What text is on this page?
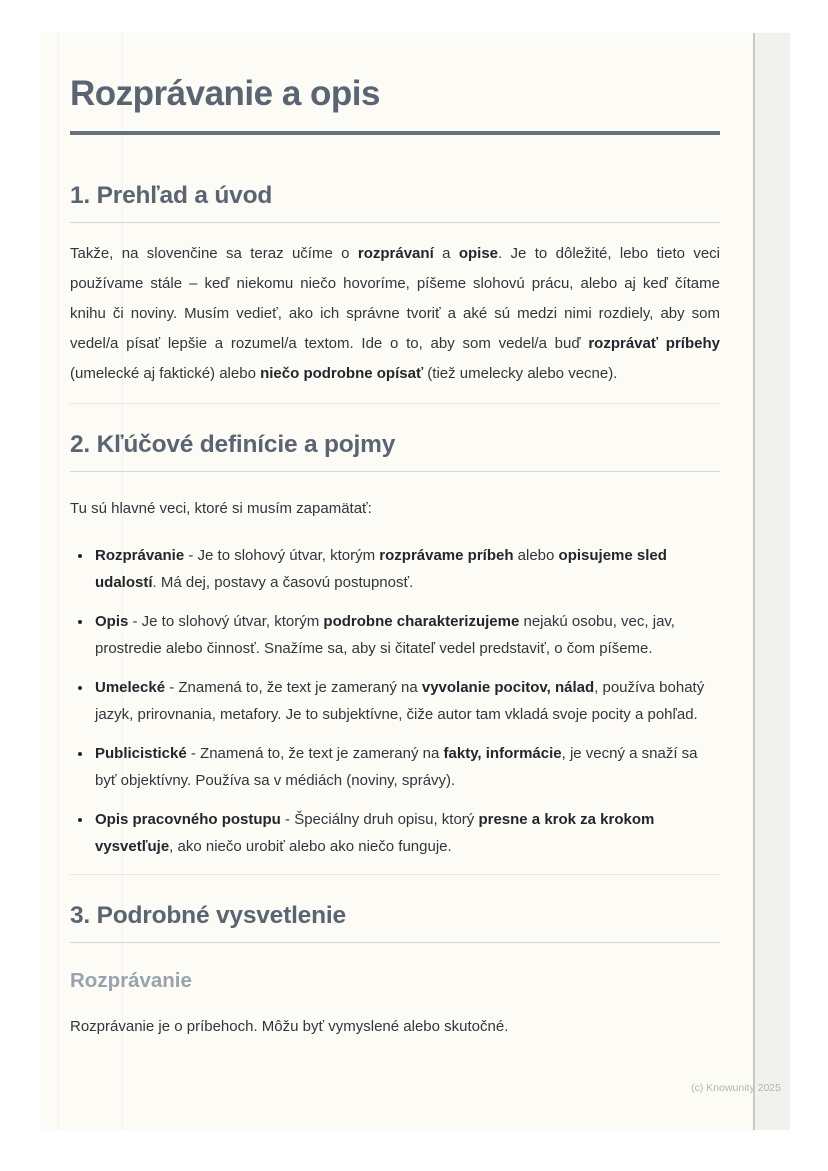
(c) Knowunity 2025
Rozprávanie a opis
1. Prehľad a úvod

Takže, na slovenčine sa teraz učíme o rozprávaní a opise. Je to dôležité, lebo tieto veci používame stále – keď niekomu niečo hovoríme, píšeme slohovú prácu, alebo aj keď čítame knihu či noviny. Musím vedieť, ako ich správne tvoriť a aké sú medzi nimi rozdiely, aby som vedel/a písať lepšie a rozumel/a textom. Ide o to, aby som vedel/a buď rozprávať príbehy (umelecké aj faktické) alebo niečo podrobne opísať (tiež umelecky alebo vecne).

2. Kľúčové definície a pojmy

Tu sú hlavné veci, ktoré si musím zapamätať:

• Rozprávanie - Je to slohový útvar, ktorým rozprávame príbeh alebo opisujeme sled udalostí. Má dej, postavy a časovú postupnosť.
• Opis - Je to slohový útvar, ktorým podrobne charakterizujeme nejakú osobu, vec, jav, prostredie alebo činnosť. Snažíme sa, aby si čitateľ vedel predstaviť, o čom píšeme.
• Umelecké - Znamená to, že text je zameraný na vyvolanie pocitov, nálad, používa bohatý jazyk, prirovnania, metafory. Je to subjektívne, čiže autor tam vkladá svoje pocity a pohľad.
• Publicistické - Znamená to, že text je zameraný na fakty, informácie, je vecný a snaží sa byť objektívny. Používa sa v médiách (noviny, správy).
• Opis pracovného postupu - Špeciálny druh opisu, ktorý presne a krok za krokom vysvetľuje, ako niečo urobiť alebo ako niečo funguje.
3. Podrobné vysvetlenie
Rozprávanie

Rozprávanie je o príbehoch. Môžu byť vymyslené alebo skutočné.
